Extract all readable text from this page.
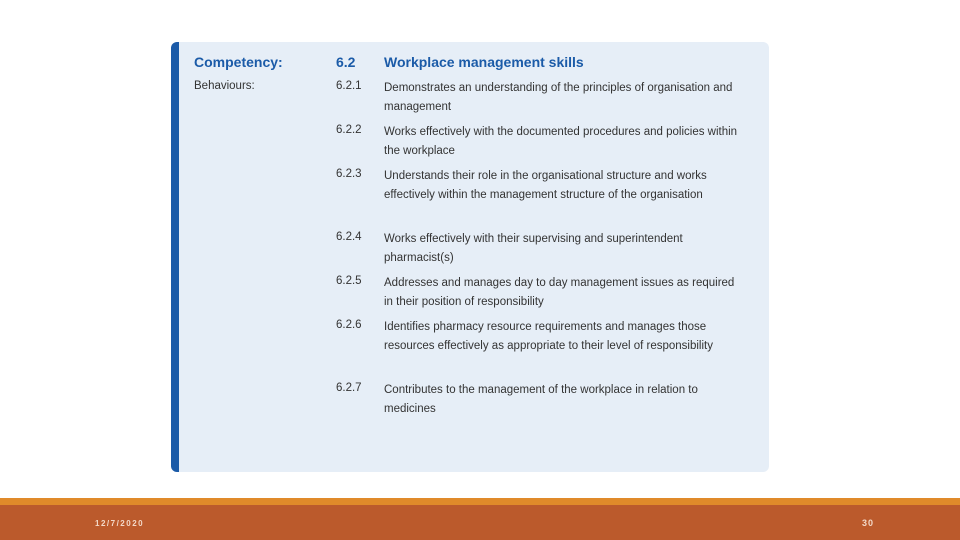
Competency:	6.2 Workplace management skills
Behaviours:	6.2.1 Demonstrates an understanding of the principles of organisation and management
6.2.2 Works effectively with the documented procedures and policies within the workplace
6.2.3 Understands their role in the organisational structure and works effectively within the management structure of the organisation
6.2.4 Works effectively with their supervising and superintendent pharmacist(s)
6.2.5 Addresses and manages day to day management issues as required in their position of responsibility
6.2.6 Identifies pharmacy resource requirements and manages those resources effectively as appropriate to their level of responsibility
6.2.7 Contributes to the management of the workplace in relation to medicines
12/7/2020	30
